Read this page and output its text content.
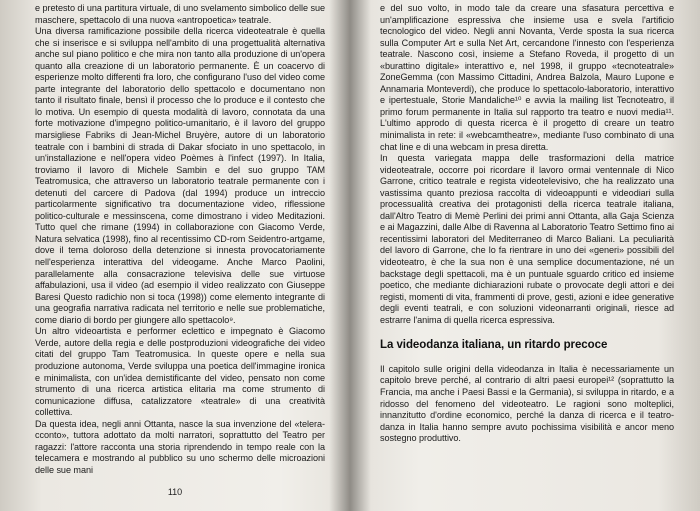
e pretesto di una partitura virtuale, di uno svelamento simbolico delle sue maschere, spettacolo di una nuova «antropoetica» teatrale.

Una diversa ramificazione possibile della ricerca videoteatrale è quella che si inserisce e si sviluppa nell'ambito di una progettualità alternativa anche sul piano politico e che mira non tanto alla produzione di un'opera quanto alla creazione di un laboratorio permanente. È un coacervo di esperienze molto differenti fra loro, che configurano l'uso del video come parte integrante del laboratorio dello spettacolo e documentano non tanto il risultato finale, bensì il processo che lo produce e il contesto che lo motiva. Un esempio di questa modalità di lavoro, connotata da una forte motivazione d'impegno politico-umanitario, è il lavoro del gruppo marsigliese Fabriks di Jean-Michel Bruyère, autore di un laboratorio teatrale con i bambini di strada di Dakar sfociato in uno spettacolo, in un'installazione e nell'opera video Poèmes à l'infect (1997). In Italia, troviamo il lavoro di Michele Sambin e del suo gruppo TAM Teatromusica, che attraverso un laboratorio teatrale permanente con i detenuti del carcere di Padova (dal 1994) produce un intreccio particolarmente significativo tra documentazione video, riflessione politico-culturale e messinscena, come dimostrano i video Meditazioni. Tutto quel che rimane (1994) in collaborazione con Giacomo Verde, Natura selvatica (1998), fino al recentissimo CD-rom Seidentro-artgame, dove il tema doloroso della detenzione si innesta provocatoriamente nell'esperienza interattiva del videogame. Anche Marco Paolini, parallelamente alla consacrazione televisiva delle sue virtuose affabulazioni, usa il video (ad esempio il video realizzato con Giuseppe Baresi Questo radichio non si toca (1998)) come elemento integrante di una geografia narrativa radicata nel territorio e nelle sue problematiche, come diario di bordo per giungere allo spettacolo⁹.

Un altro videoartista e performer eclettico e impegnato è Giacomo Verde, autore della regia e delle postproduzioni videografiche dei video citati del gruppo Tam Teatromusica. In queste opere e nella sua produzione autonoma, Verde sviluppa una poetica dell'immagine ironica e minimalista, con un'idea demistificante del video, pensato non come strumento di una ricerca artistica elitaria ma come strumento di comunicazione diffusa, catalizzatore «teatrale» di una creatività collettiva.

Da questa idea, negli anni Ottanta, nasce la sua invenzione del «teleracconto», tuttora adottato da molti narratori, soprattutto del Teatro per ragazzi: l'attore racconta una storia riprendendo in tempo reale con la telecamera e mostrando al pubblico su uno schermo delle microazioni delle sue mani

110

e del suo volto, in modo tale da creare una sfasatura percettiva e un'amplificazione espressiva che insieme usa e svela l'artificio tecnologico del video. Negli anni Novanta, Verde sposta la sua ricerca sulla Computer Art e sulla Net Art, cercandone l'innesto con l'esperienza teatrale. Nascono così, insieme a Stefano Roveda, il progetto di un «burattino digitale» interattivo e, nel 1998, il gruppo «tecnoteatrale» ZoneGemma (con Massimo Cittadini, Andrea Balzola, Mauro Lupone e Annamaria Monteverdi), che produce lo spettacolo-laboratorio, interattivo e ipertestuale, Storie Mandaliche¹⁰ e avvia la mailing list Tecnoteatro, il primo forum permanente in Italia sul rapporto tra teatro e nuovi media¹¹. L'ultimo approdo di questa ricerca è il progetto di creare un teatro minimalista in rete: il «webcamtheatre», mediante l'uso combinato di una chat line e di una webcam in presa diretta.

In questa variegata mappa delle trasformazioni della matrice videoteatrale, occorre poi ricordare il lavoro ormai ventennale di Nico Garrone, critico teatrale e regista videotelevisivo, che ha realizzato una vastissima quanto preziosa raccolta di videoappunti e videodiari sulla processualità creativa dei protagonisti della ricerca teatrale italiana, dall'Altro Teatro di Memè Perlini dei primi anni Ottanta, alla Gaja Scienza e ai Magazzini, dalle Albe di Ravenna al Laboratorio Teatro Settimo fino ai recentissimi laboratori del Mediterraneo di Marco Baliani. La peculiarità del lavoro di Garrone, che lo fa rientrare in uno dei «generi» possibili del videoteatro, è che la sua non è una semplice documentazione, né un backstage degli spettacoli, ma è un puntuale sguardo critico ed insieme poetico, che mediante dichiarazioni rubate o provocate degli attori e dei registi, momenti di vita, frammenti di prove, gesti, azioni e idee generative degli eventi teatrali, e con soluzioni videonarranti originali, riesce ad estrarre l'anima di quella ricerca espressiva.

La videodanza italiana, un ritardo precoce

Il capitolo sulle origini della videodanza in Italia è necessariamente un capitolo breve perché, al contrario di altri paesi europei¹² (soprattutto la Francia, ma anche i Paesi Bassi e la Germania), si sviluppa in ritardo, e a ridosso del fenomeno del videoteatro. Le ragioni sono molteplici, innanzitutto d'ordine economico, perché la danza di ricerca e il teatro-danza in Italia hanno sempre avuto pochissima visibilità e ancor meno sostegno produttivo.
